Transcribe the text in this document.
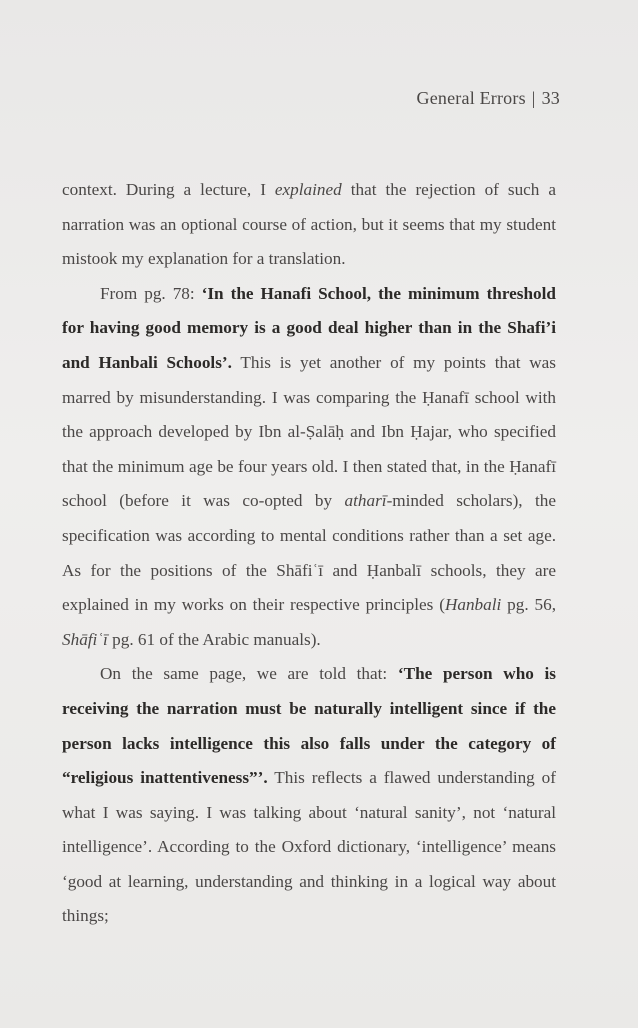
General Errors | 33

context. During a lecture, I explained that the rejection of such a narration was an optional course of action, but it seems that my student mistook my explanation for a translation.

From pg. 78: ‘In the Hanafi School, the minimum threshold for having good memory is a good deal higher than in the Shafi’i and Hanbali Schools’. This is yet another of my points that was marred by misunderstanding. I was comparing the Ḥanafī school with the approach developed by Ibn al-Ṣalāḥ and Ibn Ḥajar, who specified that the minimum age be four years old. I then stated that, in the Ḥanafī school (before it was co-opted by atharī-minded scholars), the specification was according to mental conditions rather than a set age. As for the positions of the Shāfiʿī and Ḥanbalī schools, they are explained in my works on their respective principles (Hanbali pg. 56, Shāfiʿī pg. 61 of the Arabic manuals).

On the same page, we are told that: ‘The person who is receiving the narration must be naturally intelligent since if the person lacks intelligence this also falls under the category of “religious inattentiveness”’. This reflects a flawed understanding of what I was saying. I was talking about ‘natural sanity’, not ‘natural intelligence’. According to the Oxford dictionary, ‘intelligence’ means ‘good at learning, understanding and thinking in a logical way about things;
